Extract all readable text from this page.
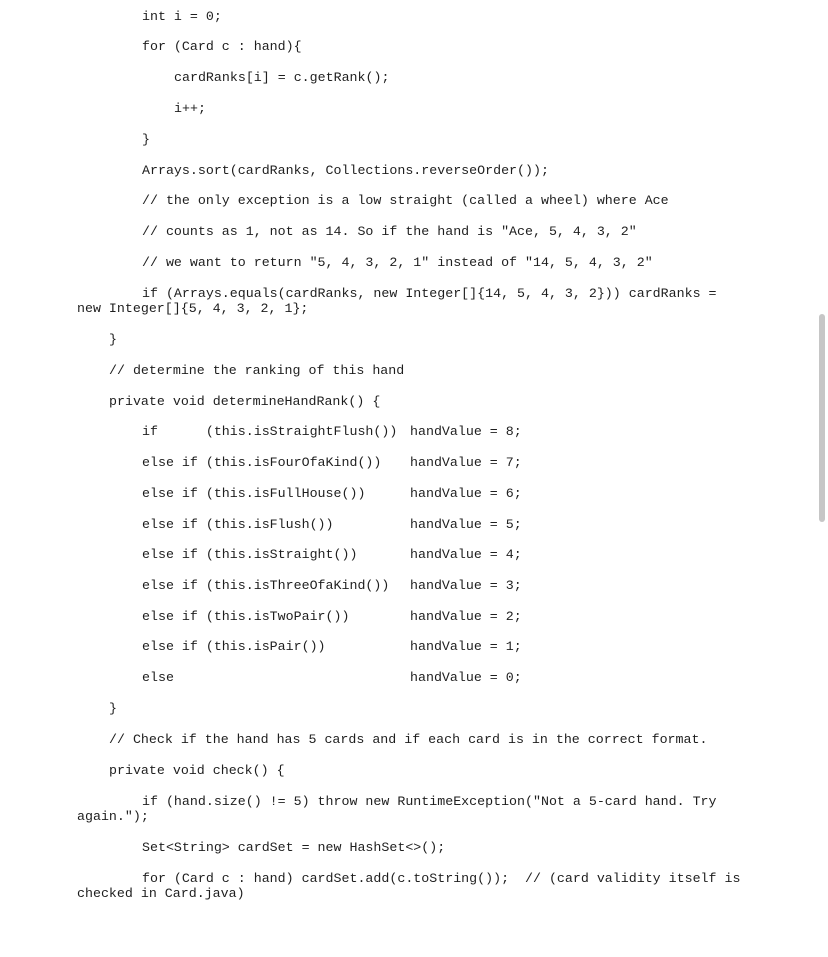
int i = 0;
for (Card c : hand){
cardRanks[i] = c.getRank();
i++;
}
Arrays.sort(cardRanks, Collections.reverseOrder());
// the only exception is a low straight (called a wheel) where Ace
// counts as 1, not as 14. So if the hand is "Ace, 5, 4, 3, 2"
// we want to return "5, 4, 3, 2, 1" instead of "14, 5, 4, 3, 2"
if (Arrays.equals(cardRanks, new Integer[]{14, 5, 4, 3, 2})) cardRanks =
new Integer[]{5, 4, 3, 2, 1};
}
// determine the ranking of this hand
private void determineHandRank() {
if      (this.isStraightFlush()) handValue = 8;
else if (this.isFourOfaKind()) handValue = 7;
else if (this.isFullHouse())	handValue = 6;
else if (this.isFlush())	handValue = 5;
else if (this.isStraight())	handValue = 4;
else if (this.isThreeOfaKind()) handValue = 3;
else if (this.isTwoPair())	handValue = 2;
else if (this.isPair())	handValue = 1;
else	handValue = 0;
}
// Check if the hand has 5 cards and if each card is in the correct format.
private void check() {
if (hand.size() != 5) throw new RuntimeException("Not a 5-card hand. Try
again.");
Set<String> cardSet = new HashSet<>();
for (Card c : hand) cardSet.add(c.toString());  // (card validity itself is
checked in Card.java)
